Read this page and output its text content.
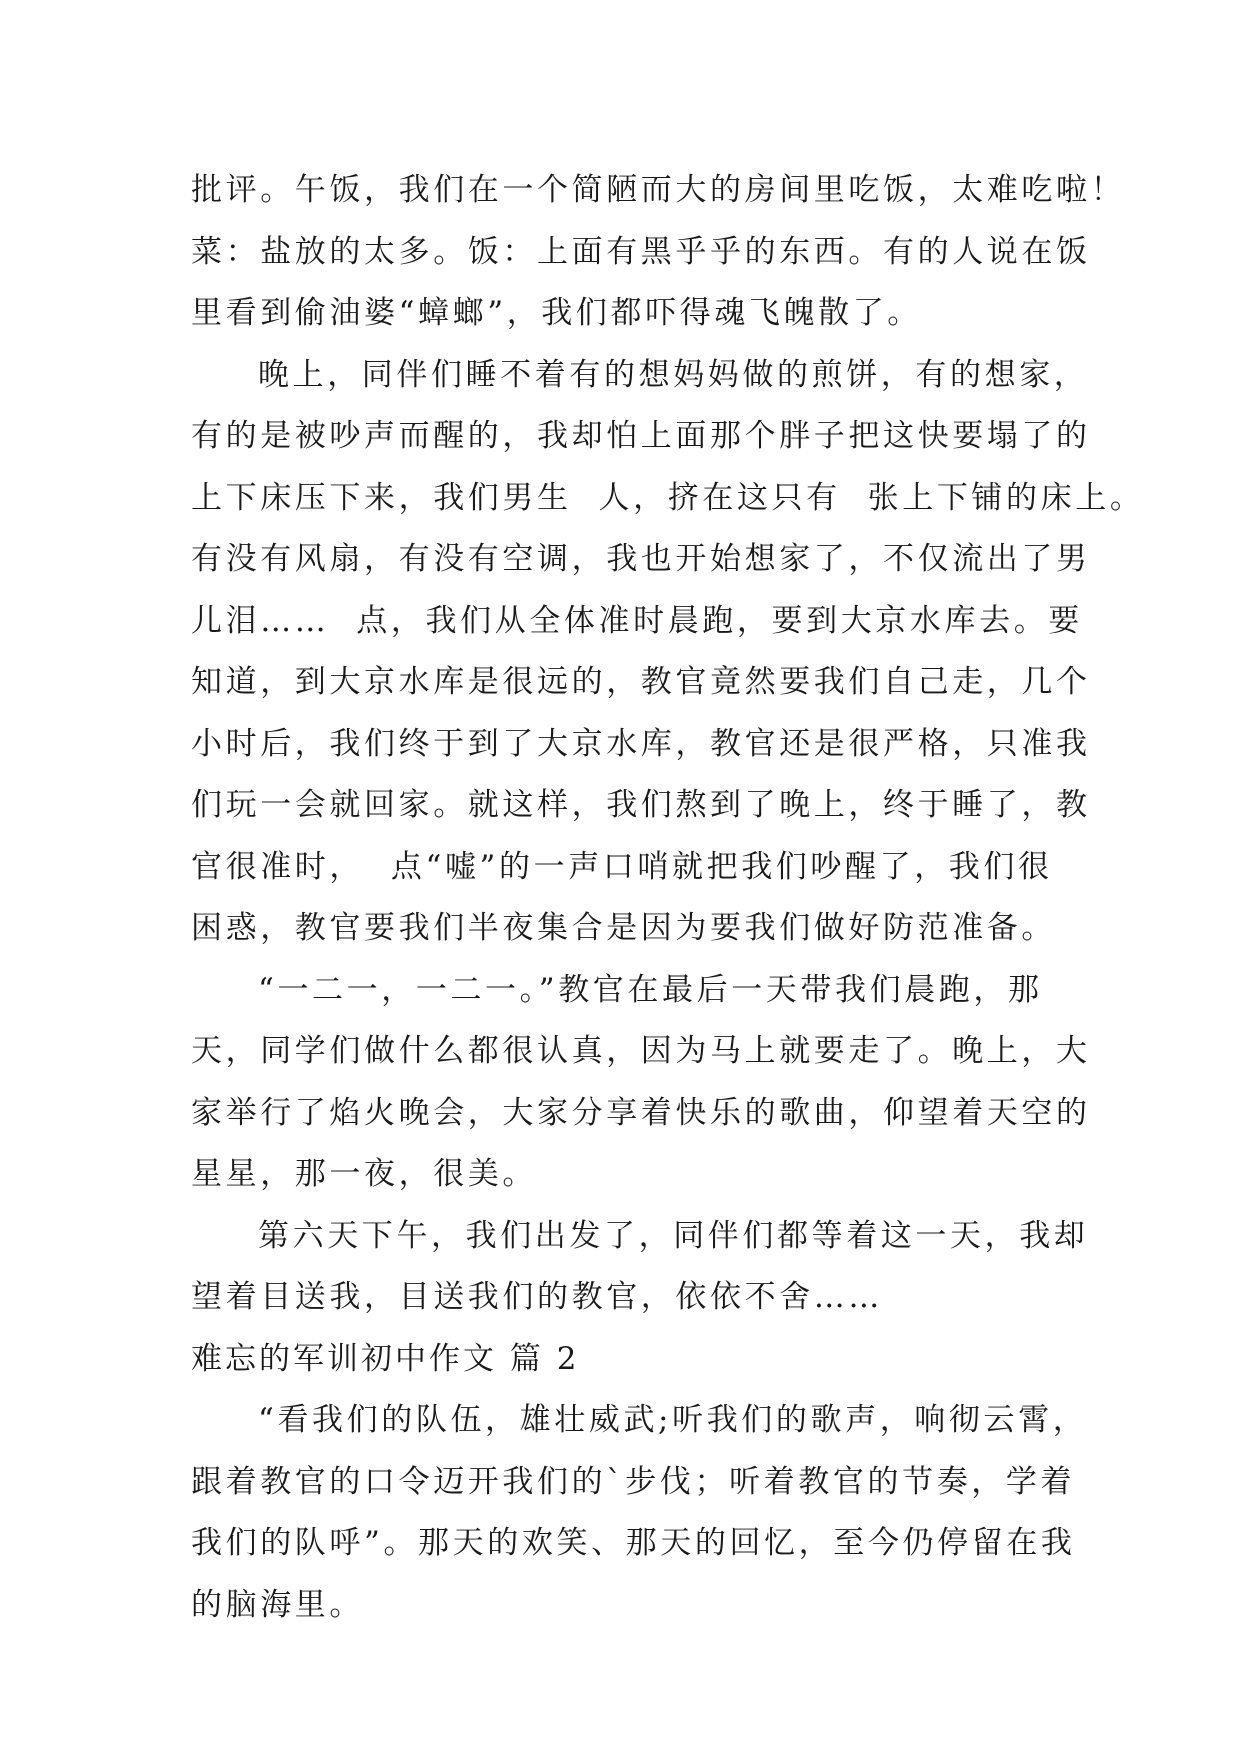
批评。午饭，我们在一个简陋而大的房间里吃饭，太难吃啦！
菜：盐放的太多。饭：上面有黑乎乎的东西。有的人说在饭
里看到偷油婆“蟑螂”，我们都吓得魂飞魄散了。
晚上，同伴们睡不着有的想妈妈做的煎饼，有的想家，
有的是被吵声而醒的，我却怕上面那个胖子把这快要塌了的
上下床压下来，我们男生  人，挤在这只有  张上下铺的床上。
有没有风扇，有没有空调，我也开始想家了，不仅流出了男
儿泪……  点，我们从全体准时晨跑，要到大京水库去。要
知道，到大京水库是很远的，教官竟然要我们自己走，几个
小时后，我们终于到了大京水库，教官还是很严格，只准我
们玩一会就回家。就这样，我们熬到了晚上，终于睡了，教
官很准时，  点“嘘”的一声口哨就把我们吵醒了，我们很
困惑，教官要我们半夜集合是因为要我们做好防范准备。
“一二一，一二一。”教官在最后一天带我们晨跑，那
天，同学们做什么都很认真，因为马上就要走了。晚上，大
家举行了焰火晚会，大家分享着快乐的歌曲，仰望着天空的
星星，那一夜，很美。
第六天下午，我们出发了，同伴们都等着这一天，我却
望着目送我，目送我们的教官，依依不舍……
难忘的军训初中作文 篇 2
“看我们的队伍，雄壮威武;听我们的歌声，响彻云霄，
跟着教官的口令迈开我们的`步伐；听着教官的节奏，学着
我们的队呼”。那天的欢笑、那天的回忆，至今仍停留在我
的脑海里。
